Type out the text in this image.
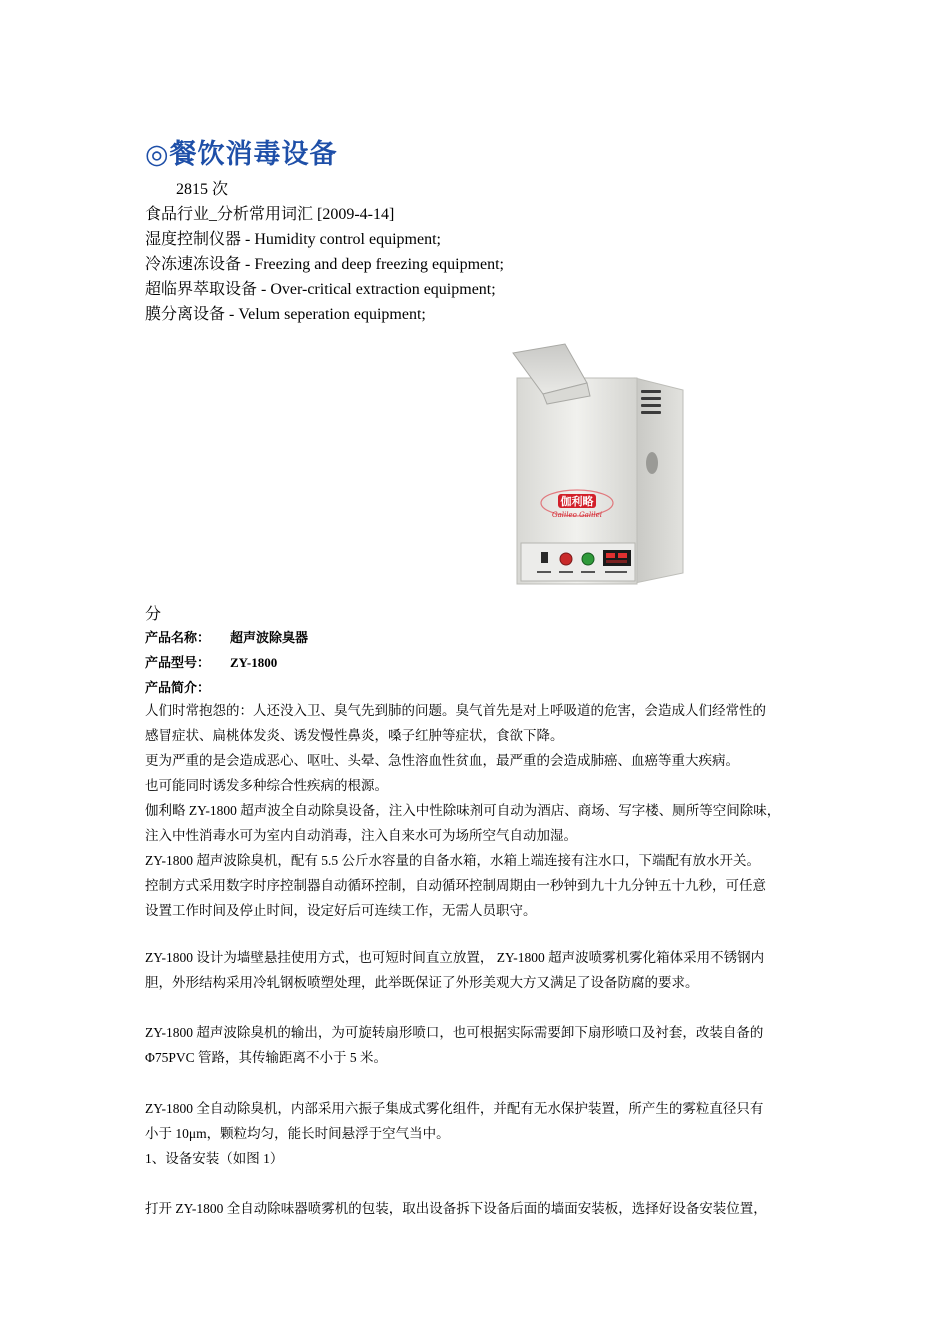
◎餐饮消毒设备
2815 次
食品行业_分析常用词汇 [2009-4-14]
湿度控制仪器 - Humidity control equipment;
冷冻速冻设备 - Freezing and deep freezing equipment;
超临界萃取设备 - Over-critical extraction equipment;
膜分离设备 - Velum seperation equipment;
伽利略
Galileo Galilei
分
产品名称： 超声波除臭器
产品型号： ZY-1800
产品简介：
人们时常抱怨的：人还没入卫、臭气先到肺的问题。臭气首先是对上呼吸道的危害，会造成人们经常性的
感冒症状、扁桃体发炎、诱发慢性鼻炎，嗓子红肿等症状，食欲下降。
更为严重的是会造成恶心、呕吐、头晕、急性溶血性贫血，最严重的会造成肺癌、血癌等重大疾病。
也可能同时诱发多种综合性疾病的根源。
伽利略 ZY-1800 超声波全自动除臭设备，注入中性除味剂可自动为酒店、商场、写字楼、厕所等空间除味，
注入中性消毒水可为室内自动消毒，注入自来水可为场所空气自动加湿。
ZY-1800 超声波除臭机，配有 5.5 公斤水容量的自备水箱，水箱上端连接有注水口，下端配有放水开关。
控制方式采用数字时序控制器自动循环控制，自动循环控制周期由一秒钟到九十九分钟五十九秒，可任意
设置工作时间及停止时间，设定好后可连续工作，无需人员职守。
ZY-1800 设计为墙壁悬挂使用方式，也可短时间直立放置， ZY-1800 超声波喷雾机雾化箱体采用不锈钢内
胆，外形结构采用冷轧钢板喷塑处理，此举既保证了外形美观大方又满足了设备防腐的要求。
ZY-1800 超声波除臭机的输出，为可旋转扇形喷口，也可根据实际需要卸下扇形喷口及衬套，改装自备的
Φ75PVC 管路，其传输距离不小于 5 米。
ZY-1800 全自动除臭机，内部采用六振子集成式雾化组件，并配有无水保护装置，所产生的雾粒直径只有
小于 10μm，颗粒均匀，能长时间悬浮于空气当中。
1、设备安装（如图 1）
打开 ZY-1800 全自动除味器喷雾机的包装，取出设备拆下设备后面的墙面安装板，选择好设备安装位置，
